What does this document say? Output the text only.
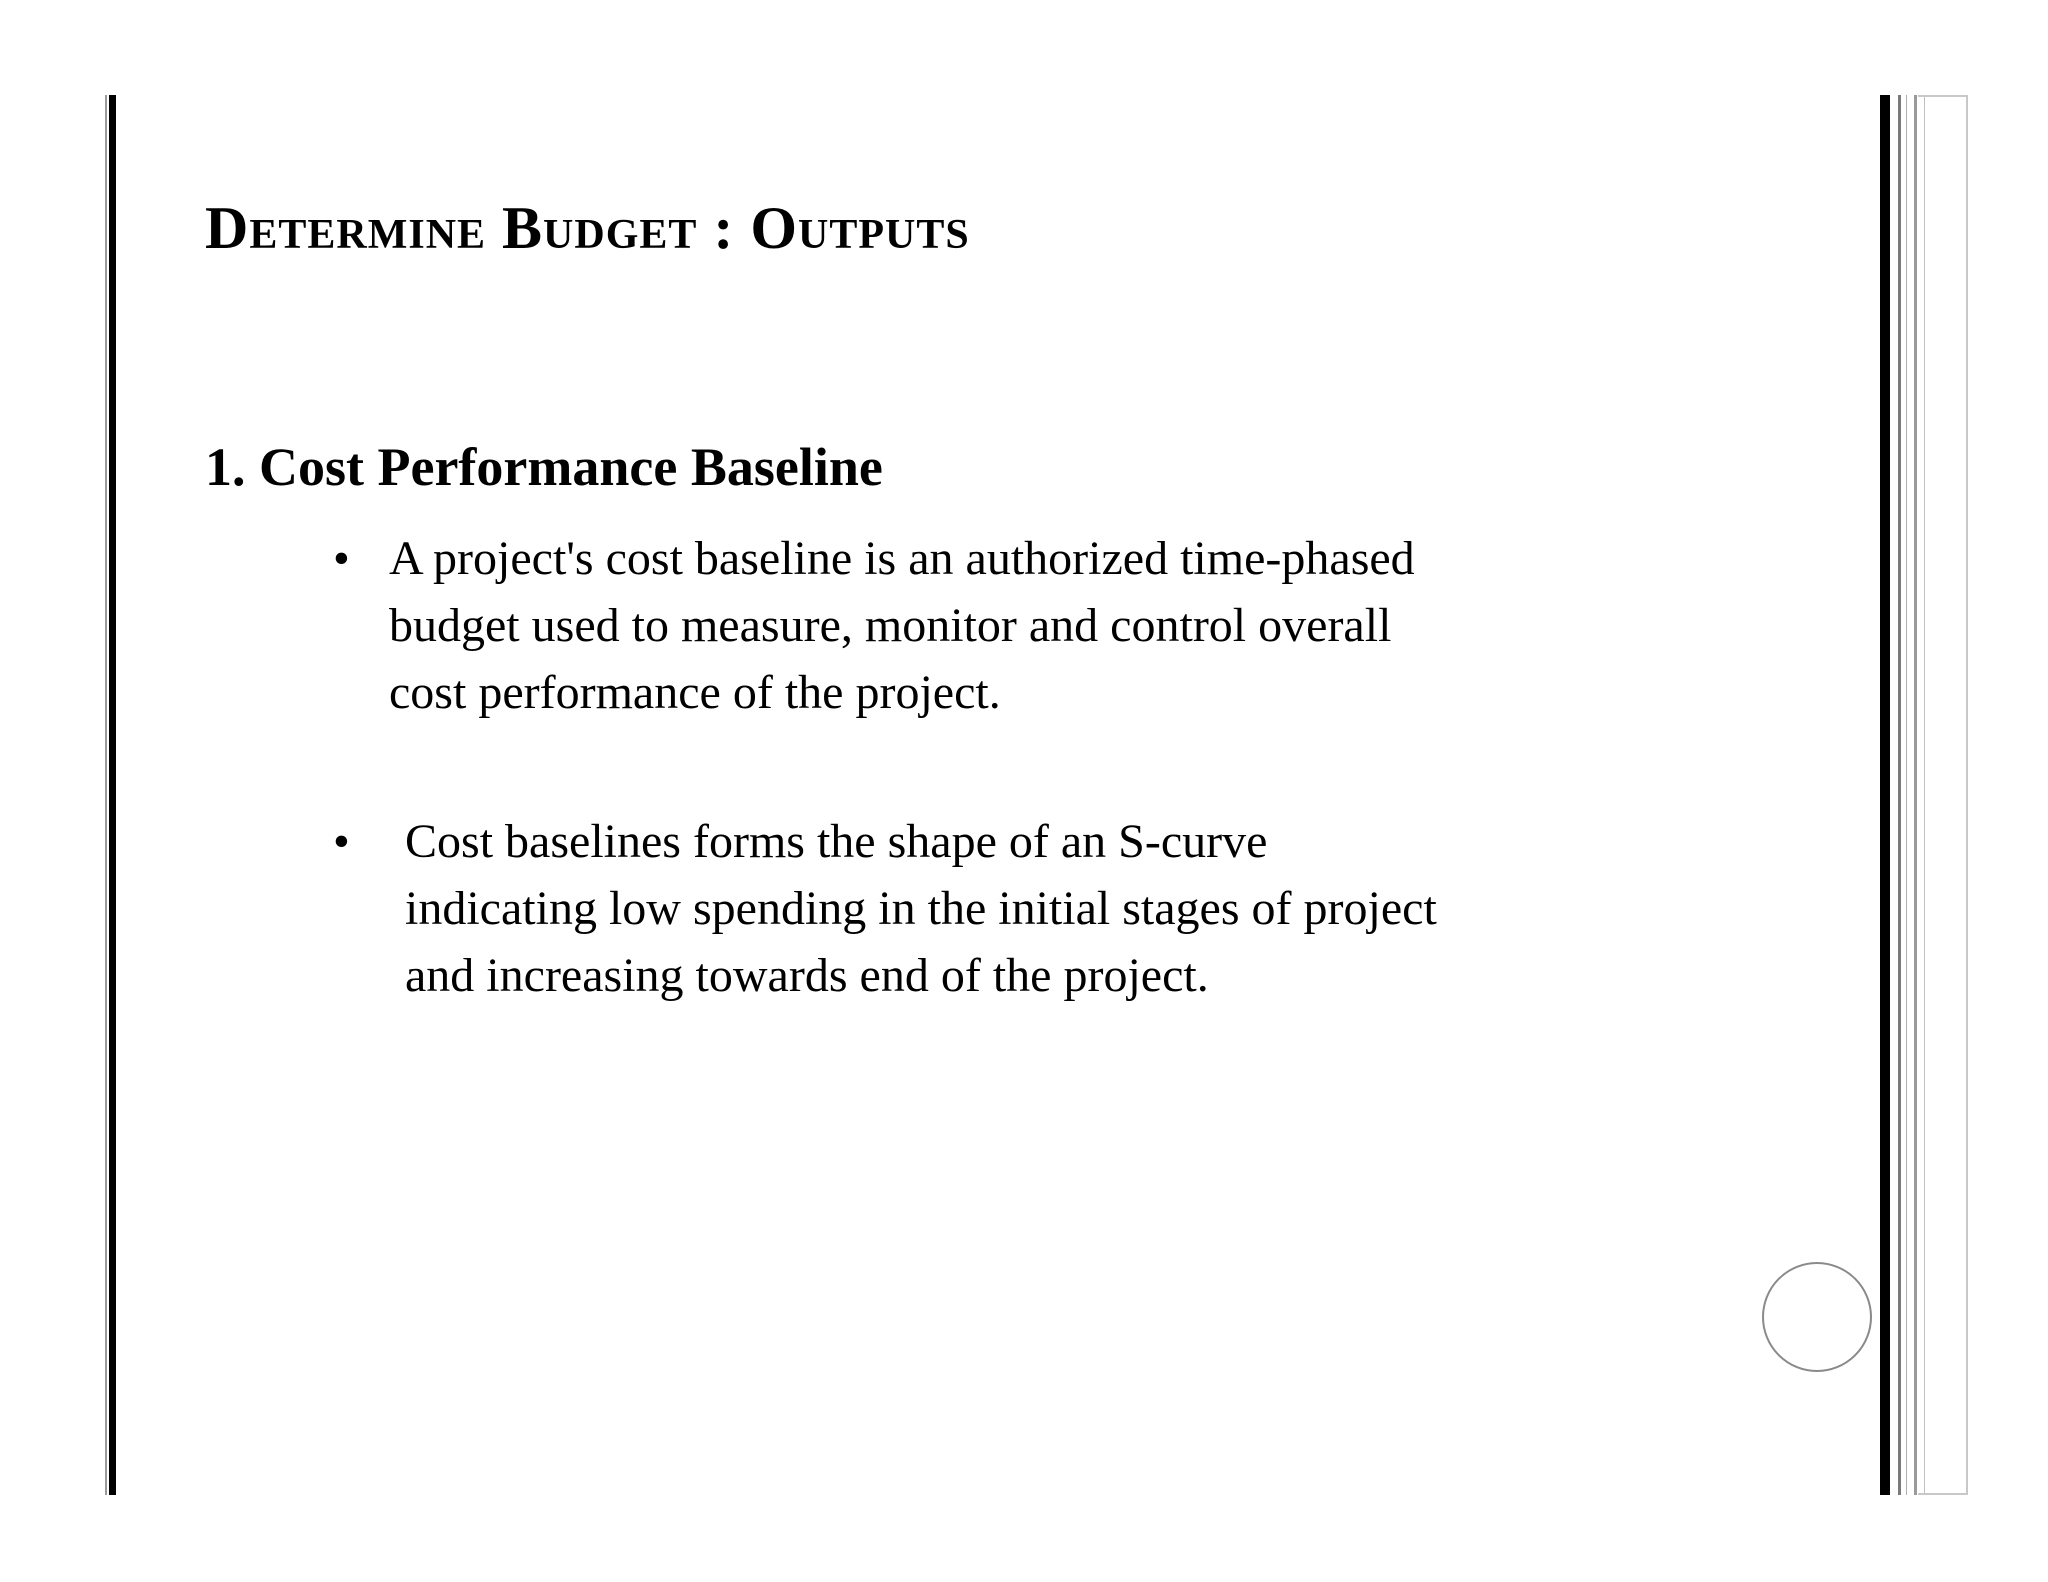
Determine Budget : Outputs
1. Cost Performance Baseline
• A project's cost baseline is an authorized time-phased
budget used to measure, monitor and control overall
cost performance of the project.
• Cost baselines forms the shape of an S-curve
indicating low spending in the initial stages of project
and increasing towards end of the project.
